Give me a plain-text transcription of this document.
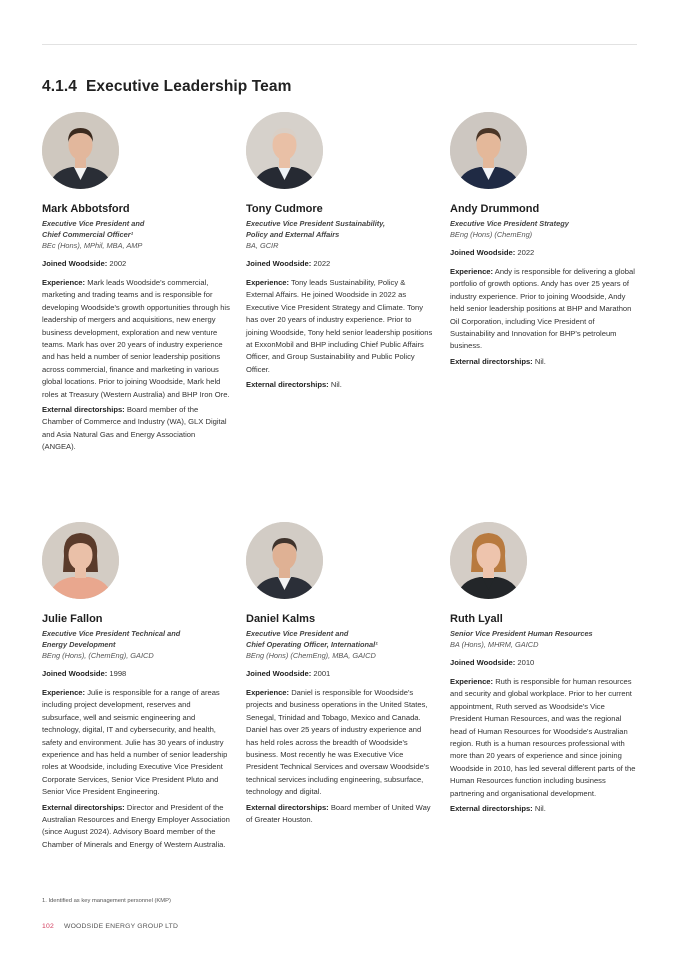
4.1.4 Executive Leadership Team
Mark Abbotsford
Executive Vice President and
Chief Commercial Officer¹
BEc (Hons), MPhil, MBA, AMP
Joined Woodside: 2002
Experience: Mark leads Woodside's commercial, marketing and trading teams and is responsible for developing Woodside's growth opportunities through his leadership of mergers and acquisitions, new energy business development, exploration and new venture teams. Mark has over 20 years of industry experience and has held a number of senior leadership positions across commercial, finance and marketing in various global locations. Prior to joining Woodside, Mark held roles at Treasury (Western Australia) and BHP Iron Ore.
External directorships: Board member of the Chamber of Commerce and Industry (WA), GLX Digital and Asia Natural Gas and Energy Association (ANGEA).
Tony Cudmore
Executive Vice President Sustainability,
Policy and External Affairs
BA, GCIR
Joined Woodside: 2022
Experience: Tony leads Sustainability, Policy & External Affairs. He joined Woodside in 2022 as Executive Vice President Strategy and Climate. Tony has over 20 years of industry experience. Prior to joining Woodside, Tony held senior leadership positions at ExxonMobil and BHP including Chief Public Affairs Officer, and Group Sustainability and Public Policy Officer.
External directorships: Nil.
Andy Drummond
Executive Vice President Strategy
BEng (Hons) (ChemEng)
Joined Woodside: 2022
Experience: Andy is responsible for delivering a global portfolio of growth options. Andy has over 25 years of industry experience. Prior to joining Woodside, Andy held senior leadership positions at BHP and Marathon Oil Corporation, including Vice President of Sustainability and Innovation for BHP's petroleum business.
External directorships: Nil.
Julie Fallon
Executive Vice President Technical and
Energy Development
BEng (Hons), (ChemEng), GAICD
Joined Woodside: 1998
Experience: Julie is responsible for a range of areas including project development, reserves and subsurface, well and seismic engineering and technology, digital, IT and cybersecurity, and health, safety and environment. Julie has 30 years of industry experience and has held a number of senior leadership roles at Woodside, including Executive Vice President Corporate Services, Senior Vice President Pluto and Senior Vice President Engineering.
External directorships: Director and President of the Australian Resources and Energy Employer Association (since August 2024). Advisory Board member of the Chamber of Minerals and Energy of Western Australia.
Daniel Kalms
Executive Vice President and
Chief Operating Officer, International¹
BEng (Hons) (ChemEng), MBA, GAICD
Joined Woodside: 2001
Experience: Daniel is responsible for Woodside's projects and business operations in the United States, Senegal, Trinidad and Tobago, Mexico and Canada. Daniel has over 25 years of industry experience and has held roles across the breadth of Woodside's business. Most recently he was Executive Vice President Technical Services and oversaw Woodside's technical services including engineering, subsurface, technology and digital.
External directorships: Board member of United Way of Greater Houston.
Ruth Lyall
Senior Vice President Human Resources
BA (Hons), MHRM, GAICD
Joined Woodside: 2010
Experience: Ruth is responsible for human resources and security and global workplace. Prior to her current appointment, Ruth served as Woodside's Vice President Human Resources, and was the regional head of Human Resources for Woodside's Australian region. Ruth is a human resources professional with more than 20 years of experience and since joining Woodside in 2010, has led several different parts of the Human Resources function including business partnering and organisational development.
External directorships: Nil.
1. Identified as key management personnel (KMP)
102 WOODSIDE ENERGY GROUP LTD
